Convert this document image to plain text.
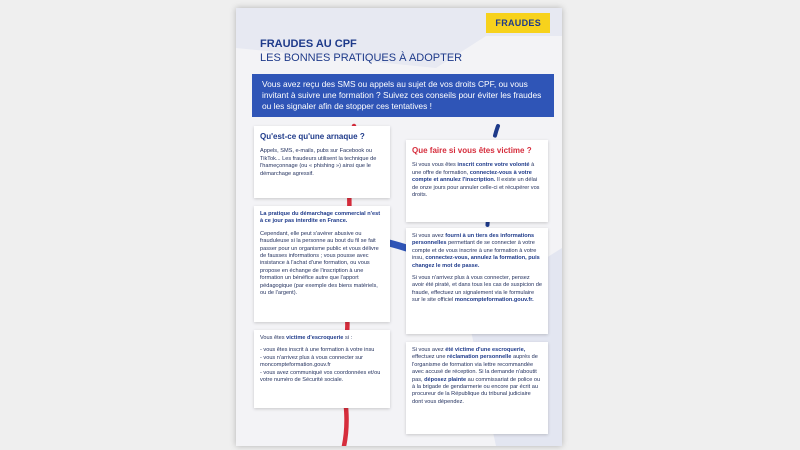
FRAUDES
FRAUDES AU CPF
LES BONNES PRATIQUES À ADOPTER
Vous avez reçu des SMS ou appels au sujet de vos droits CPF, ou vous invitant à suivre une formation ? Suivez ces conseils pour éviter les fraudes ou les signaler afin de stopper ces tentatives !
Qu'est-ce qu'une arnaque ?

Appels, SMS, e-mails, pubs sur Facebook ou TikTok... Les fraudeurs utilisent la technique de l'hameçonnage (ou « phishing ») ainsi que le démarchage agressif.

La pratique du démarchage commercial n'est à ce jour pas interdite en France.

Cependant, elle peut s'avérer abusive ou frauduleuse si la personne au bout du fil se fait passer pour un organisme public et vous délivre de fausses informations ; vous pousse avec insistance à l'achat d'une formation, ou vous propose en échange de l'inscription à une formation un bénéfice autre que l'apport pédagogique (par exemple des biens matériels, ou de l'argent).

Vous êtes victime d'escroquerie si :

- vous êtes inscrit à une formation à votre insu
- vous n'arrivez plus à vous connecter sur moncompteformation.gouv.fr
- vous avez communiqué vos coordonnées et/ou votre numéro de Sécurité sociale.
Que faire si vous êtes victime ?

Si vous vous êtes inscrit contre votre volonté à une offre de formation, connectez-vous à votre compte et annulez l'inscription. Il existe un délai de onze jours pour annuler celle-ci et récupérer vos droits.

Si vous avez fourni à un tiers des informations personnelles permettant de se connecter à votre compte et de vous inscrire à une formation à votre insu, connectez-vous, annulez la formation, puis changez le mot de passe.

Si vous n'arrivez plus à vous connecter, pensez avoir été piraté, et dans tous les cas de suspicion de fraude, effectuez un signalement via le formulaire sur le site officiel moncompteformation.gouv.fr.

Si vous avez été victime d'une escroquerie, effectuez une réclamation personnelle auprès de l'organisme de formation via lettre recommandée avec accusé de réception. Si la demande n'aboutit pas, déposez plainte au commissariat de police ou à la brigade de gendarmerie ou encore par écrit au procureur de la République du tribunal judiciaire dont vous dépendez.
